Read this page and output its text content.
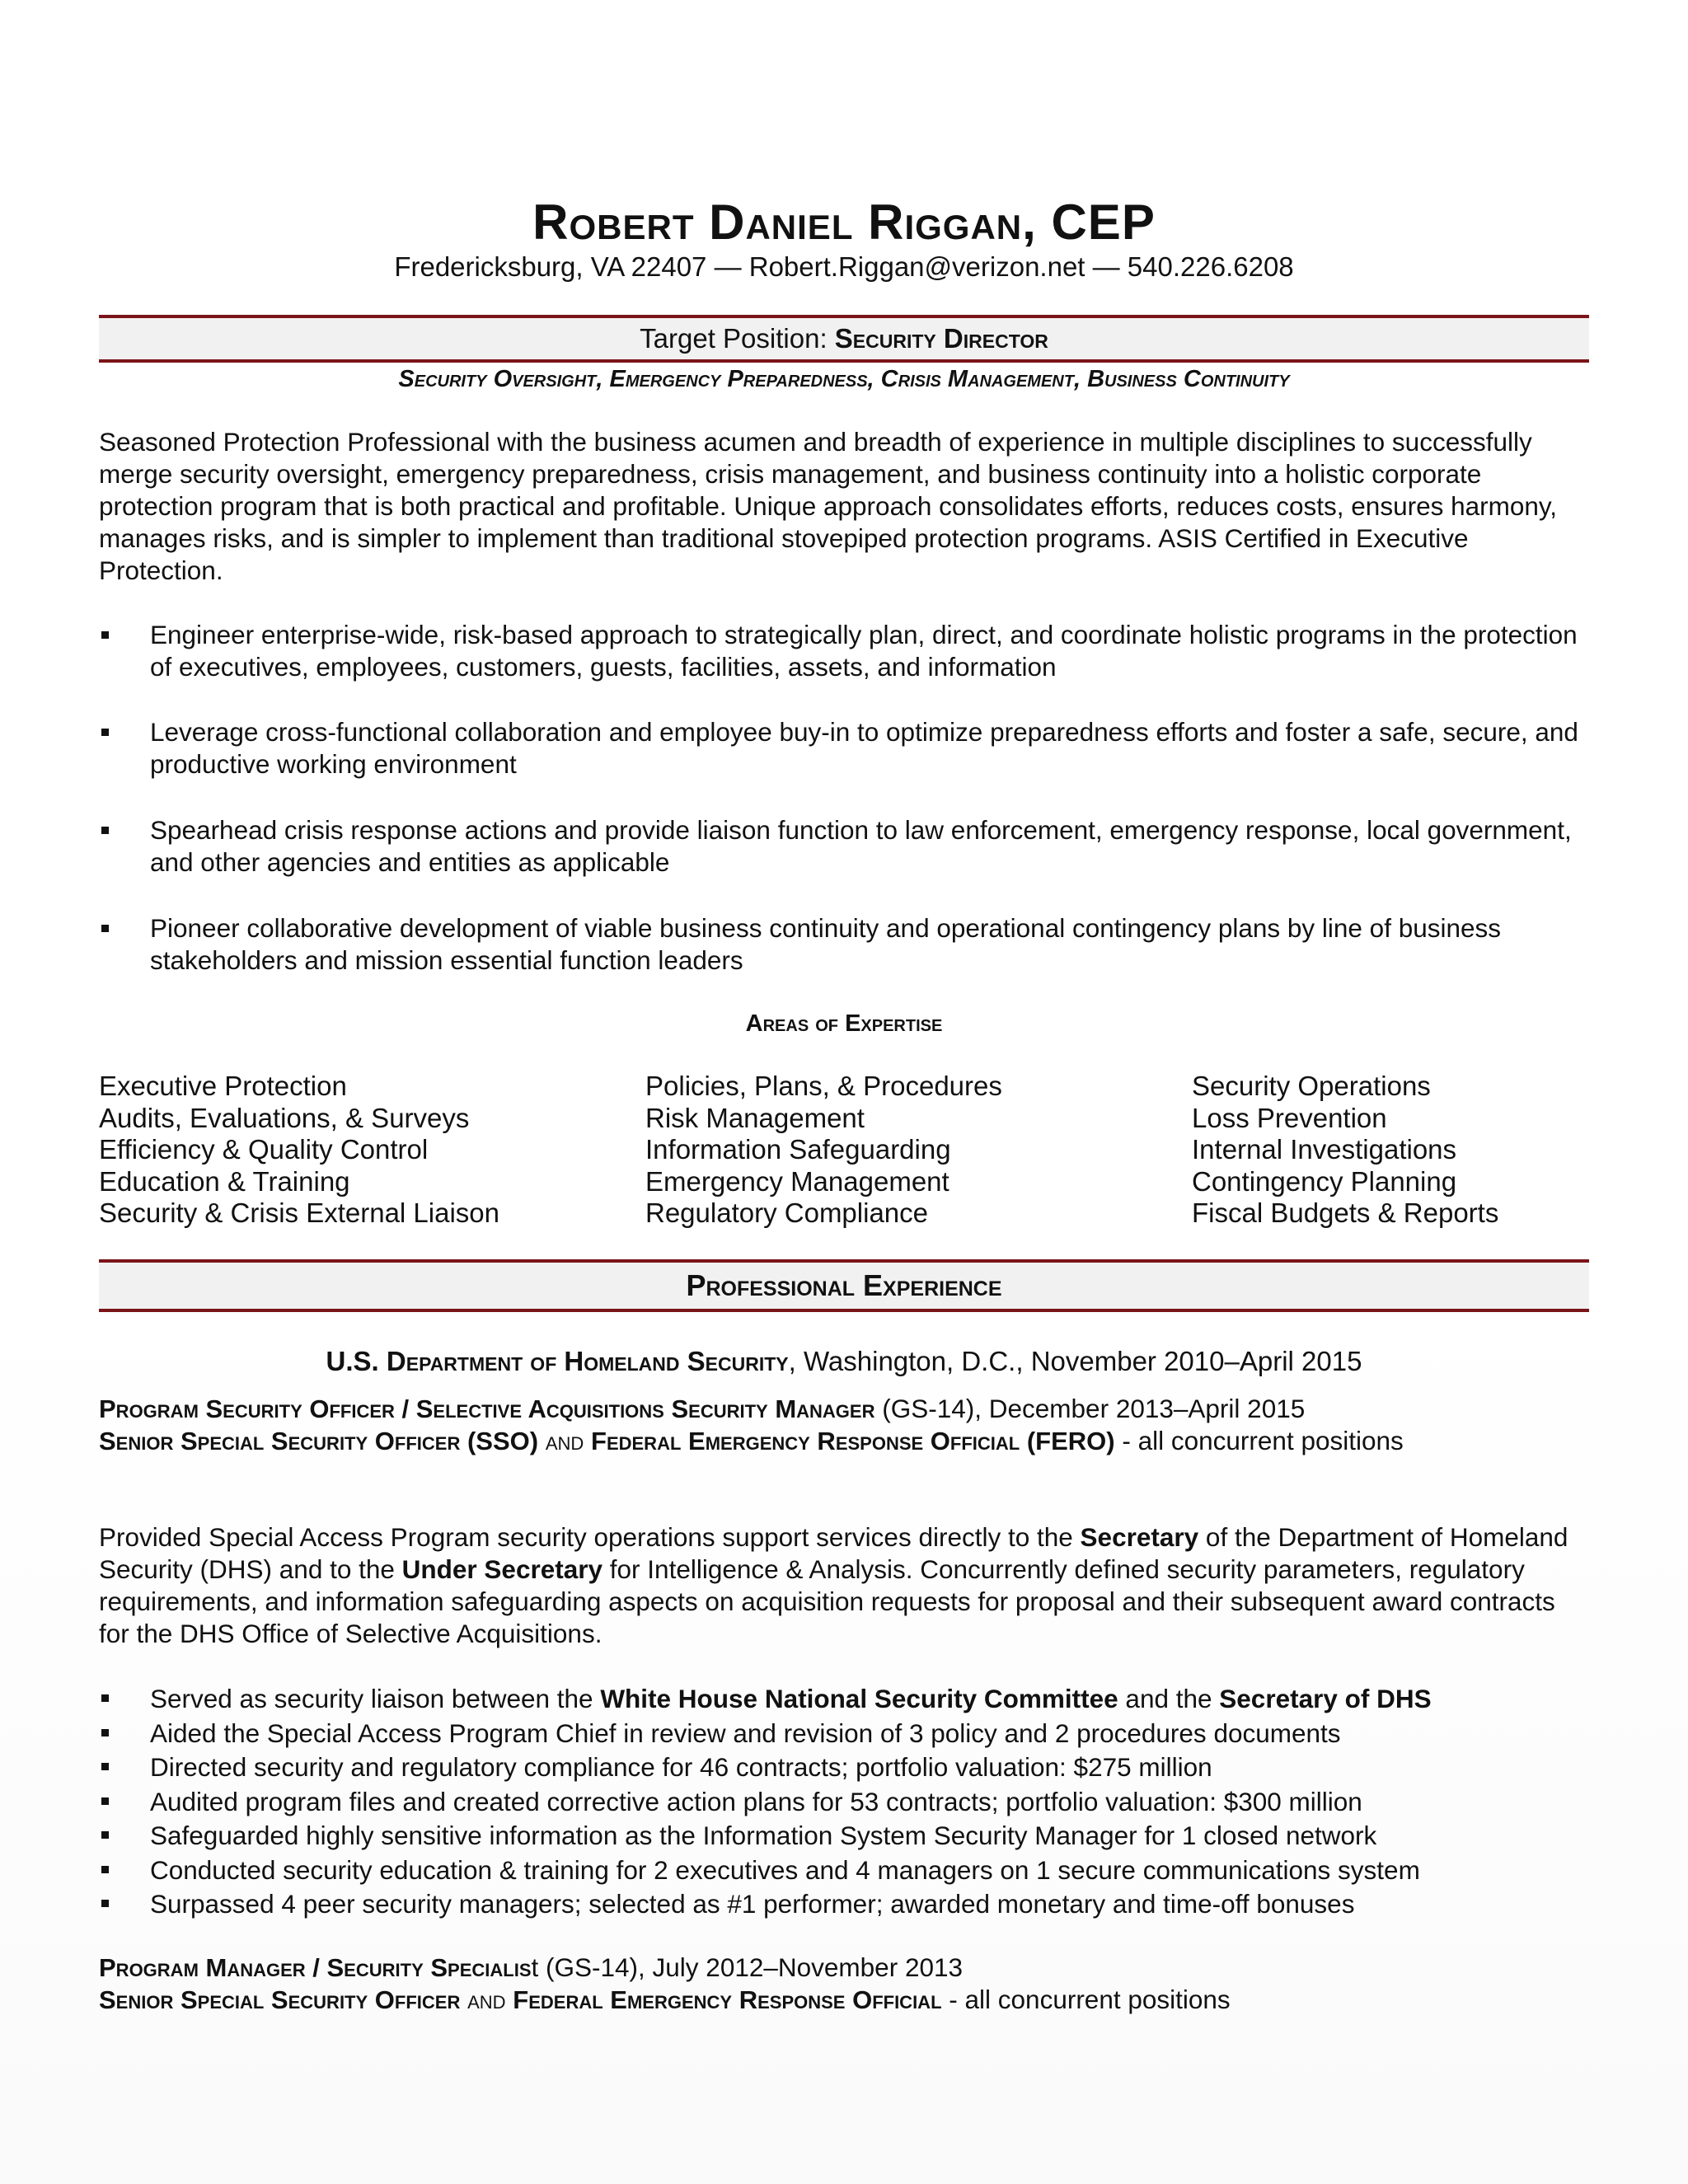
Robert Daniel Riggan, CEP
Fredericksburg, VA 22407 — Robert.Riggan@verizon.net — 540.226.6208
Target Position: Security Director
Security Oversight, Emergency Preparedness, Crisis Management, Business Continuity
Seasoned Protection Professional with the business acumen and breadth of experience in multiple disciplines to successfully merge security oversight, emergency preparedness, crisis management, and business continuity into a holistic corporate protection program that is both practical and profitable. Unique approach consolidates efforts, reduces costs, ensures harmony, manages risks, and is simpler to implement than traditional stovepiped protection programs. ASIS Certified in Executive Protection.
Engineer enterprise-wide, risk-based approach to strategically plan, direct, and coordinate holistic programs in the protection of executives, employees, customers, guests, facilities, assets, and information
Leverage cross-functional collaboration and employee buy-in to optimize preparedness efforts and foster a safe, secure, and productive working environment
Spearhead crisis response actions and provide liaison function to law enforcement, emergency response, local government, and other agencies and entities as applicable
Pioneer collaborative development of viable business continuity and operational contingency plans by line of business stakeholders and mission essential function leaders
Areas of Expertise
Executive Protection
Audits, Evaluations, & Surveys
Efficiency & Quality Control
Education & Training
Security & Crisis External Liaison
Policies, Plans, & Procedures
Risk Management
Information Safeguarding
Emergency Management
Regulatory Compliance
Security Operations
Loss Prevention
Internal Investigations
Contingency Planning
Fiscal Budgets & Reports
Professional Experience
U.S. Department of Homeland Security, Washington, D.C., November 2010–April 2015
Program Security Officer / Selective Acquisitions Security Manager (GS-14), December 2013–April 2015
Senior Special Security Officer (SSO) and Federal Emergency Response Official (FERO) - all concurrent positions
Provided Special Access Program security operations support services directly to the Secretary of the Department of Homeland Security (DHS) and to the Under Secretary for Intelligence & Analysis. Concurrently defined security parameters, regulatory requirements, and information safeguarding aspects on acquisition requests for proposal and their subsequent award contracts for the DHS Office of Selective Acquisitions.
Served as security liaison between the White House National Security Committee and the Secretary of DHS
Aided the Special Access Program Chief in review and revision of 3 policy and 2 procedures documents
Directed security and regulatory compliance for 46 contracts; portfolio valuation: $275 million
Audited program files and created corrective action plans for 53 contracts; portfolio valuation: $300 million
Safeguarded highly sensitive information as the Information System Security Manager for 1 closed network
Conducted security education & training for 2 executives and 4 managers on 1 secure communications system
Surpassed 4 peer security managers; selected as #1 performer; awarded monetary and time-off bonuses
Program Manager / Security Specialist (GS-14), July 2012–November 2013
Senior Special Security Officer and Federal Emergency Response Official - all concurrent positions
